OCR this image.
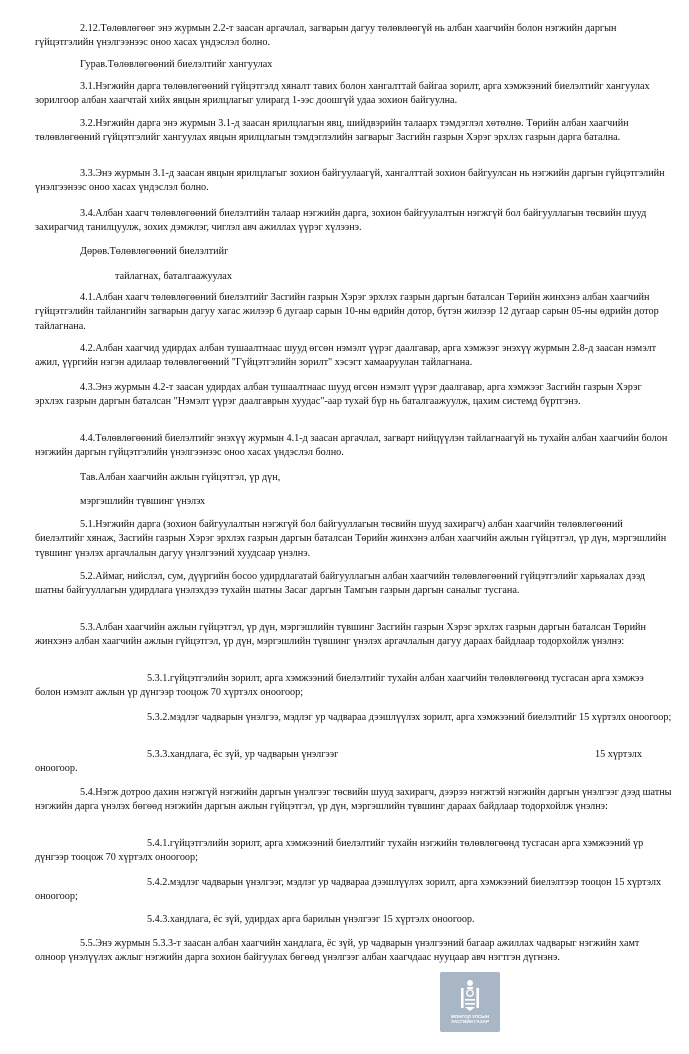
2.12.Төлөвлөгөөг энэ журмын 2.2-т заасан аргачлал, загварын дагуу төлөвлөөгүй нь албан хаагчийн болон нэгжийн даргын гүйцэтгэлийн үнэлгээнээс оноо хасах үндэслэл болно.

Гурав.Төлөвлөгөөний биелэлтийг хангуулах

3.1.Нэгжийн дарга төлөвлөгөөний гүйцэтгэлд хяналт тавих болон хангалттай байгаа зорилт, арга хэмжээний биелэлтийг хангуулах зорилгоор албан хаагчтай хийх явцын ярилцлагыг улирагд 1-ээс доошгүй удаа зохион байгуулна.

3.2.Нэгжийн дарга энэ журмын 3.1-д заасан ярилцлагын явц, шийдвэрийн талаарх тэмдэглэл хөтөлнө. Төрийн албан хаагчийн төлөвлөгөөний гүйцэтгэлийг хангуулах явцын ярилцлагын тэмдэглэлийн загварыг Засгийн газрын Хэрэг эрхлэх газрын дарга батална.

3.3.Энэ журмын 3.1-д заасан явцын ярилцлагыг зохион байгуулаагүй, хангалттай зохион байгуулсан нь нэгжийн даргын гүйцэтгэлийн үнэлгээнээс оноо хасах үндэслэл болно.

3.4.Албан хаагч төлөвлөгөөний биелэлтийн талаар нэгжийн дарга, зохион байгуулалтын нэгжгүй бол байгууллагын төсвийн шууд захирагчид танилцуулж, зохих дэмжлэг, чиглэл авч ажиллах үүрэг хүлээнэ.

Дөрөв.Төлөвлөгөөний биелэлтийг

тайлагнах, баталгаажуулах

4.1.Албан хаагч төлөвлөгөөний биелэлтийг Засгийн газрын Хэрэг эрхлэх газрын даргын баталсан Төрийн жинхэнэ албан хаагчийн гүйцэтгэлийн тайлангийн загварын дагуу хагас жилээр 6 дугаар сарын 10-ны өдрийн дотор, бүтэн жилээр 12 дугаар сарын 05-ны өдрийн дотор тайлагнана.

4.2.Албан хаагчид удирдах албан тушаалтнаас шууд өгсөн нэмэлт үүрэг даалгавар, арга хэмжээг энэхүү журмын 2.8-д заасан нэмэлт ажил, үүргийн нэгэн адилаар төлөвлөгөөний "Гүйцэтгэлийн зорилт" хэсэгт хамааруулан тайлагнана.

4.3.Энэ журмын 4.2-т заасан удирдах албан тушаалтнаас шууд өгсөн нэмэлт үүрэг даалгавар, арга хэмжээг Засгийн газрын Хэрэг эрхлэх газрын даргын баталсан "Нэмэлт үүрэг даалгаврын хуудас"-аар тухай бүр нь баталгаажуулж, цахим системд бүртгэнэ.

4.4.Төлөвлөгөөний биелэлтийг энэхүү журмын 4.1-д заасан аргачлал, загварт нийцүүлэн тайлагнаагүй нь тухайн албан хаагчийн болон нэгжийн даргын гүйцэтгэлийн үнэлгээнээс оноо хасах үндэслэл болно.

Тав.Албан хаагчийн ажлын гүйцэтгэл, үр дүн,

мэргэшлийн түвшинг үнэлэх

5.1.Нэгжийн дарга (зохион байгуулалтын нэгжгүй бол байгууллагын төсвийн шууд захирагч) албан хаагчийн төлөвлөгөөний биелэлтийг хянаж, Засгийн газрын Хэрэг эрхлэх газрын даргын баталсан Төрийн жинхэнэ албан хаагчийн ажлын гүйцэтгэл, үр дүн, мэргэшлийн түвшинг үнэлэх аргачлалын дагуу үнэлгээний хуудсаар үнэлнэ.

5.2.Аймаг, нийслэл, сум, дүүргийн босоо удирдлагатай байгууллагын албан хаагчийн төлөвлөгөөний гүйцэтгэлийг харьяалах дээд шатны байгууллагын удирдлага үнэлэхдээ тухайн шатны Засаг даргын Тамгын газрын даргын саналыг тусгана.

5.3.Албан хаагчийн ажлын гүйцэтгэл, үр дүн, мэргэшлийн түвшинг Засгийн газрын Хэрэг эрхлэх газрын даргын баталсан Төрийн жинхэнэ албан хаагчийн ажлын гүйцэтгэл, үр дүн, мэргэшлийн түвшинг үнэлэх аргачлалын дагуу дараах байдлаар тодорхойлж үнэлнэ:

5.3.1.гүйцэтгэлийн зорилт, арга хэмжээний биелэлтийг тухайн албан хаагчийн төлөвлөгөөнд тусгасан арга хэмжээ болон нэмэлт ажлын үр дүнгээр тооцож 70 хүртэлх оноогоор;

5.3.2.мэдлэг чадварын үнэлгээ, мэдлэг ур чадвараа дээшлүүлэх зорилт, арга хэмжээний биелэлтийг 15 хүртэлх оноогоор;

5.3.3.хандлага, ёс зүй, ур чадварын үнэлгээг	15 хүртэлх

оноогоор.

5.4.Нэгж дотроо дахин нэгжгүй нэгжийн даргын үнэлгээг төсвийн шууд захирагч, дээрээ нэгжтэй нэгжийн даргын үнэлгээг дээд шатны нэгжийн дарга үнэлэх бөгөөд нэгжийн даргын ажлын гүйцэтгэл, үр дүн, мэргэшлийн түвшинг дараах байдлаар тодорхойлж үнэлнэ:

5.4.1.гүйцэтгэлийн зорилт, арга хэмжээний биелэлтийг тухайн нэгжийн төлөвлөгөөнд тусгасан арга хэмжээний үр дүнгээр тооцож 70 хүртэлх оноогоор;

5.4.2.мэдлэг чадварын үнэлгээг, мэдлэг ур чадвараа дээшлүүлэх зорилт, арга хэмжээний биелэлтээр тооцон 15 хүртэлх оноогоор;

5.4.3.хандлага, ёс зүй, удирдах арга барилын үнэлгээг 15 хүртэлх оноогоор.

5.5.Энэ журмын 5.3.3-т заасан албан хаагчийн хандлага, ёс зүй, ур чадварын үнэлгээний багаар ажиллах чадварыг нэгжийн хамт олноор үнэлүүлэх ажлыг нэгжийн дарга зохион байгуулах бөгөөд үнэлгээг албан хаагчдаас нууцаар авч нэгтгэн дүгнэнэ.

МОНГОЛ УЛСЫН
ЗАСГИЙН ГАЗАР
